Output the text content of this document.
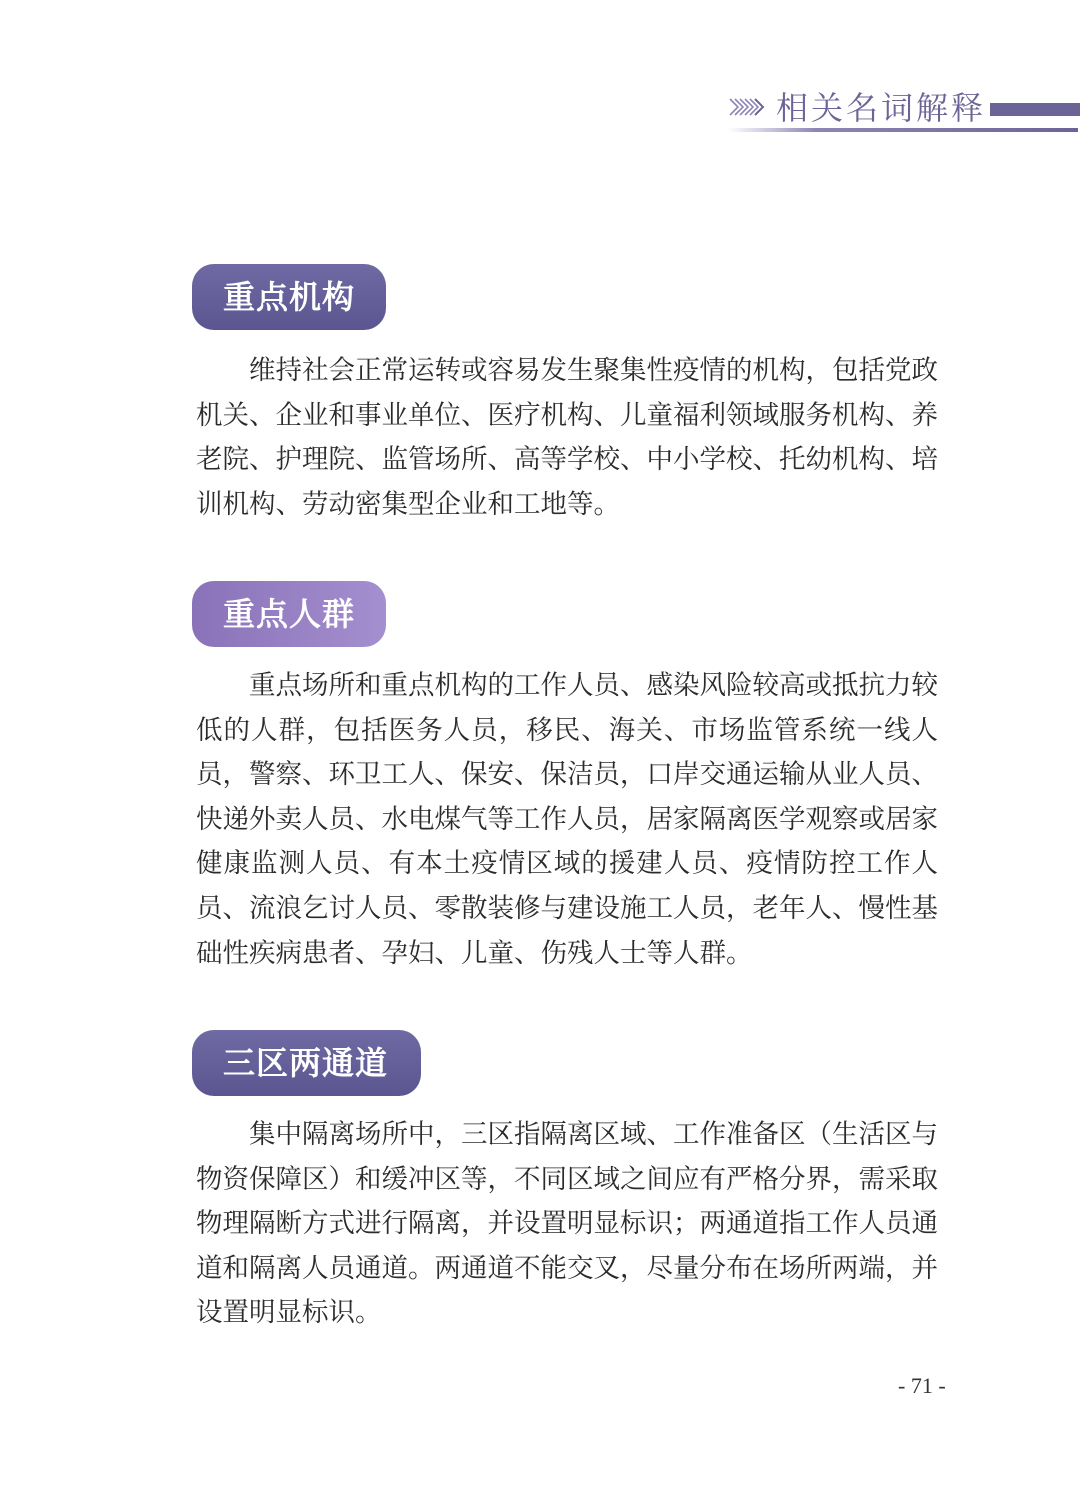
相关名词解释
重点机构

维持社会正常运转或容易发生聚集性疫情的机构，包括党政机关、企业和事业单位、医疗机构、儿童福利领域服务机构、养老院、护理院、监管场所、高等学校、中小学校、托幼机构、培训机构、劳动密集型企业和工地等。

重点人群

重点场所和重点机构的工作人员、感染风险较高或抵抗力较低的人群，包括医务人员，移民、海关、市场监管系统一线人员，警察、环卫工人、保安、保洁员，口岸交通运输从业人员、快递外卖人员、水电煤气等工作人员，居家隔离医学观察或居家健康监测人员、有本土疫情区域的援建人员、疫情防控工作人员、流浪乞讨人员、零散装修与建设施工人员，老年人、慢性基础性疾病患者、孕妇、儿童、伤残人士等人群。

三区两通道

集中隔离场所中，三区指隔离区域、工作准备区（生活区与物资保障区）和缓冲区等，不同区域之间应有严格分界，需采取物理隔断方式进行隔离，并设置明显标识；两通道指工作人员通道和隔离人员通道。两通道不能交叉，尽量分布在场所两端，并设置明显标识。

- 71 -
